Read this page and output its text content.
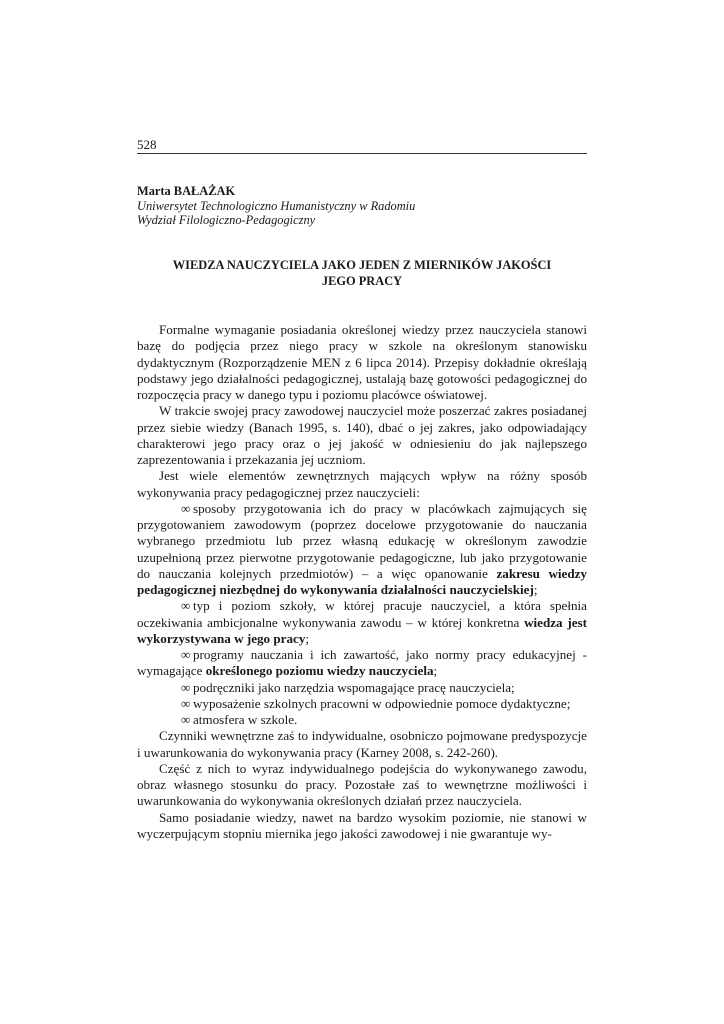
528
Marta BAŁAŻAK
Uniwersytet Technologiczno Humanistyczny w Radomiu
Wydział Filologiczno-Pedagogiczny
WIEDZA NAUCZYCIELA JAKO JEDEN Z MIERNIKÓW JAKOŚCI
JEGO PRACY

Formalne wymaganie posiadania określonej wiedzy przez nauczyciela stanowi bazę do podjęcia przez niego pracy w szkole na określonym stanowisku dydaktycznym (Rozporządzenie MEN z 6 lipca 2014). Przepisy dokładnie określają podstawy jego działalności pedagogicznej, ustalają bazę gotowości pedagogicznej do rozpoczęcia pracy w danego typu i poziomu placówce oświatowej.

W trakcie swojej pracy zawodowej nauczyciel może poszerzać zakres posiadanej przez siebie wiedzy (Banach 1995, s. 140), dbać o jej zakres, jako odpowiadający charakterowi jego pracy oraz o jej jakość w odniesieniu do jak najlepszego zaprezentowania i przekazania jej uczniom.

Jest wiele elementów zewnętrznych mających wpływ na różny sposób wykonywania pracy pedagogicznej przez nauczycieli:

∞  sposoby przygotowania ich do pracy w placówkach zajmujących się przygotowaniem zawodowym (poprzez docelowe przygotowanie do nauczania wybranego przedmiotu lub przez własną edukację w określonym zawodzie uzupełnioną przez pierwotne przygotowanie pedagogiczne, lub jako przygotowanie do nauczania kolejnych przedmiotów) – a więc opanowanie zakresu wiedzy pedagogicznej niezbędnej do wykonywania działalności nauczycielskiej;

∞  typ i poziom szkoły, w której pracuje nauczyciel, a która spełnia oczekiwania ambicjonalne wykonywania zawodu – w której konkretna wiedza jest wykorzystywana w jego pracy;

∞  programy nauczania i ich zawartość, jako normy pracy edukacyjnej - wymagające określonego poziomu wiedzy nauczyciela;

∞  podręczniki jako narzędzia wspomagające pracę nauczyciela;

∞  wyposażenie szkolnych pracowni w odpowiednie pomoce dydaktyczne;

∞  atmosfera w szkole.

Czynniki wewnętrzne zaś to indywidualne, osobniczo pojmowane predyspozycje i uwarunkowania do wykonywania pracy (Karney 2008, s. 242-260).

Część z nich to wyraz indywidualnego podejścia do wykonywanego zawodu, obraz własnego stosunku do pracy. Pozostałe zaś to wewnętrzne możliwości i uwarunkowania do wykonywania określonych działań przez nauczyciela.

Samo posiadanie wiedzy, nawet na bardzo wysokim poziomie, nie stanowi w wyczerpującym stopniu miernika jego jakości zawodowej i nie gwarantuje wy-
